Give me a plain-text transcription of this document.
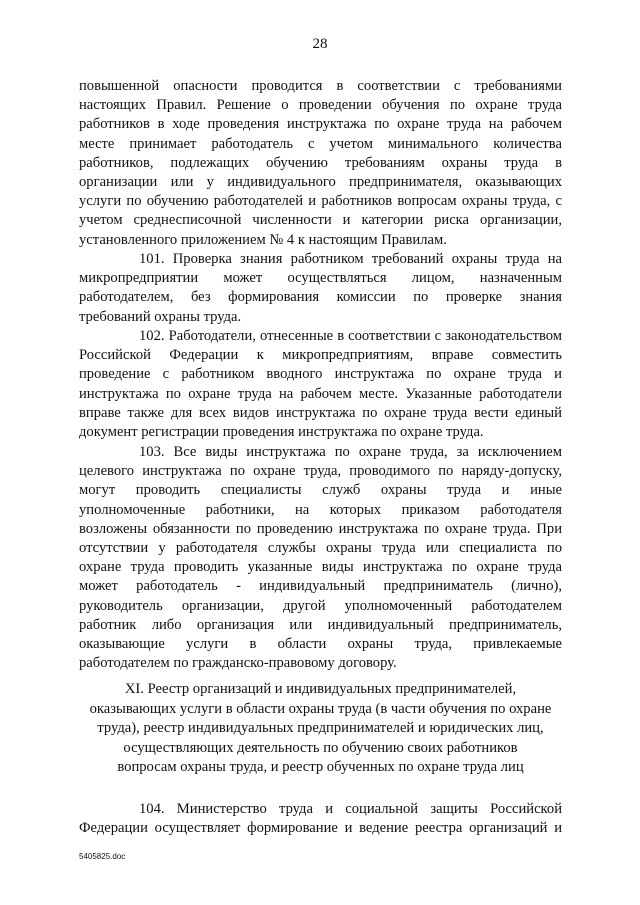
28
повышенной опасности проводится в соответствии с требованиями
настоящих Правил. Решение о проведении обучения по охране труда
работников в ходе проведения инструктажа по охране труда на рабочем
месте принимает работодатель с учетом минимального количества
работников, подлежащих обучению требованиям охраны труда в
организации или у индивидуального предпринимателя, оказывающих
услуги по обучению работодателей и работников вопросам охраны труда, с
учетом среднесписочной численности и категории риска организации,
установленного приложением № 4 к настоящим Правилам.
101. Проверка знания работником требований охраны труда на
микропредприятии может осуществляться лицом, назначенным
работодателем, без формирования комиссии по проверке знания
требований охраны труда.
102. Работодатели, отнесенные в соответствии с законодательством
Российской Федерации к микропредприятиям, вправе совместить
проведение с работником вводного инструктажа по охране труда и
инструктажа по охране труда на рабочем месте. Указанные работодатели
вправе также для всех видов инструктажа по охране труда вести единый
документ регистрации проведения инструктажа по охране труда.
103. Все виды инструктажа по охране труда, за исключением
целевого инструктажа по охране труда, проводимого по наряду-допуску,
могут проводить специалисты служб охраны труда и иные
уполномоченные работники, на которых приказом работодателя
возложены обязанности по проведению инструктажа по охране труда. При
отсутствии у работодателя службы охраны труда или специалиста по
охране труда проводить указанные виды инструктажа по охране труда
может работодатель - индивидуальный предприниматель (лично),
руководитель организации, другой уполномоченный работодателем
работник либо организация или индивидуальный предприниматель,
оказывающие услуги в области охраны труда, привлекаемые
работодателем по гражданско-правовому договору.
104. Министерство труда и социальной защиты Российской
Федерации осуществляет формирование и ведение реестра организаций и
XI. Реестр организаций и индивидуальных предпринимателей,
оказывающих услуги в области охраны труда (в части обучения по охране
труда), реестр индивидуальных предпринимателей и юридических лиц,
осуществляющих деятельность по обучению своих работников
вопросам охраны труда, и реестр обученных по охране труда лиц
5405825.doc
